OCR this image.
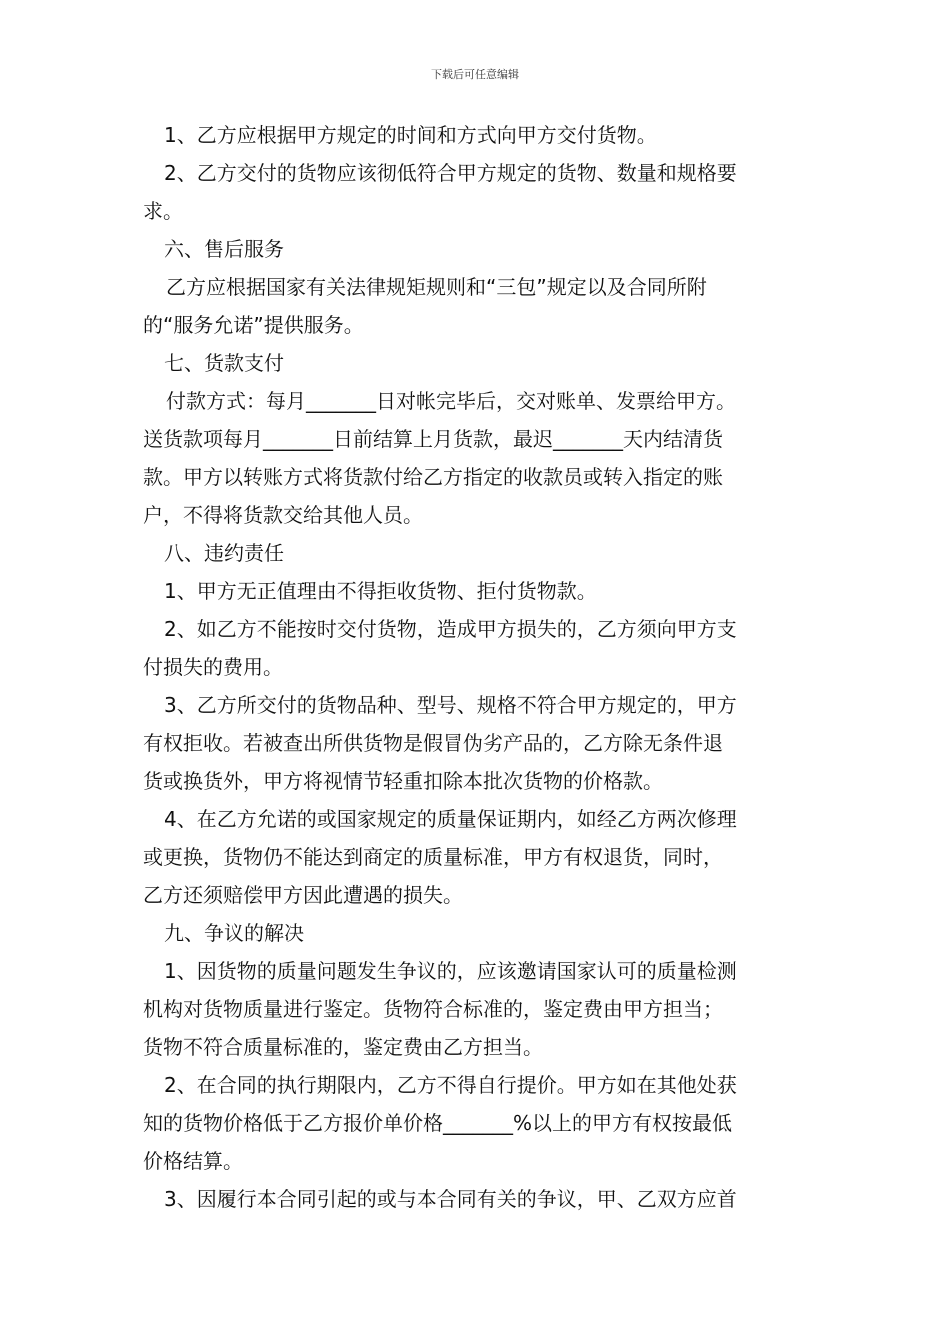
下载后可任意编辑
1、乙方应根据甲方规定的时间和方式向甲方交付货物。
2、乙方交付的货物应该彻低符合甲方规定的货物、数量和规格要
求。
六、售后服务
乙方应根据国家有关法律规矩规则和“三包”规定以及合同所附
的“服务允诺”提供服务。
七、货款支付
付款方式：每月_______日对帐完毕后，交对账单、发票给甲方。
送货款项每月_______日前结算上月货款，最迟_______天内结清货
款。甲方以转账方式将货款付给乙方指定的收款员或转入指定的账
户，不得将货款交给其他人员。
八、违约责任
1、甲方无正值理由不得拒收货物、拒付货物款。
2、如乙方不能按时交付货物，造成甲方损失的，乙方须向甲方支
付损失的费用。
3、乙方所交付的货物品种、型号、规格不符合甲方规定的，甲方
有权拒收。若被查出所供货物是假冒伪劣产品的，乙方除无条件退
货或换货外，甲方将视情节轻重扣除本批次货物的价格款。
4、在乙方允诺的或国家规定的质量保证期内，如经乙方两次修理
或更换，货物仍不能达到商定的质量标准，甲方有权退货，同时，
乙方还须赔偿甲方因此遭遇的损失。
九、争议的解决
1、因货物的质量问题发生争议的，应该邀请国家认可的质量检测
机构对货物质量进行鉴定。货物符合标准的，鉴定费由甲方担当；
货物不符合质量标准的，鉴定费由乙方担当。
2、在合同的执行期限内，乙方不得自行提价。甲方如在其他处获
知的货物价格低于乙方报价单价格_______%以上的甲方有权按最低
价格结算。
3、因履行本合同引起的或与本合同有关的争议，甲、乙双方应首
